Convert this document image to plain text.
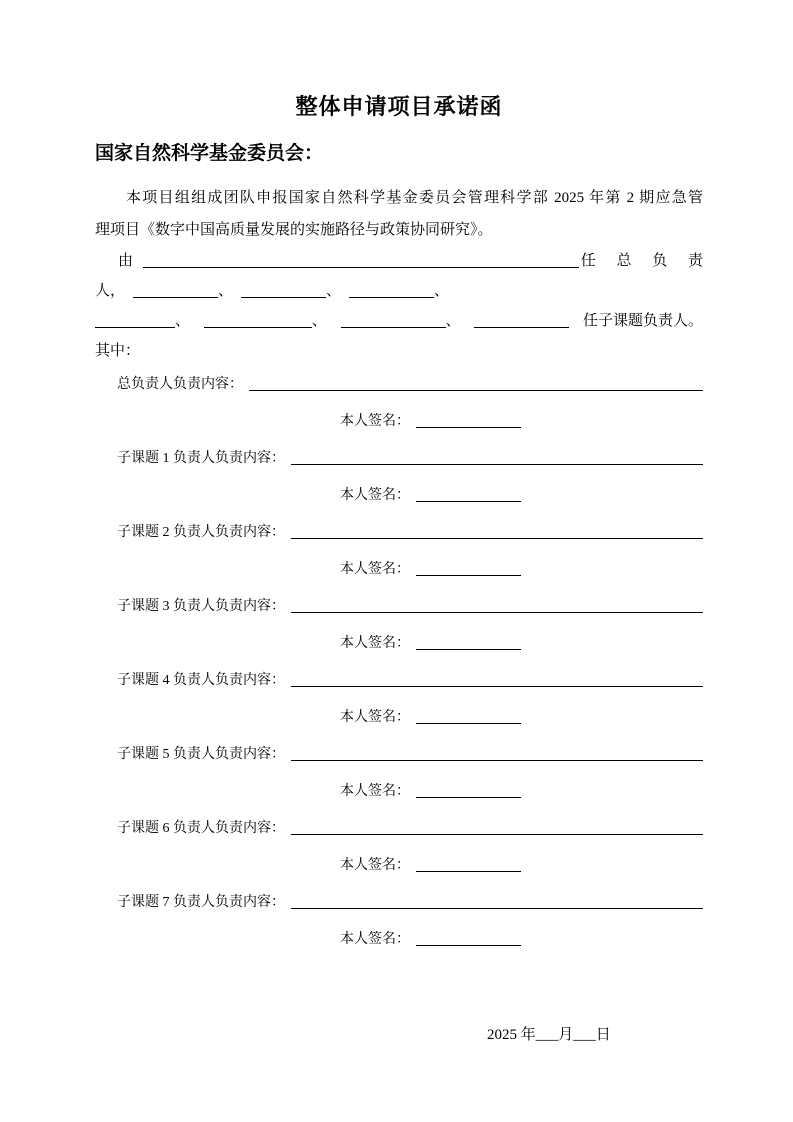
整体申请项目承诺函
国家自然科学基金委员会：
本项目组组成团队申报国家自然科学基金委员会管理科学部 2025 年第 2 期应急管
理项目《数字中国高质量发展的实施路径与政策协同研究》。
由	任 总 负 责
人，	、	、	、
、	、	、	任子课题负责人。
其中：
总负责人负责内容：
本人签名：
子课题 1 负责人负责内容：
本人签名：
子课题 2 负责人负责内容：
本人签名：
子课题 3 负责人负责内容：
本人签名：
子课题 4 负责人负责内容：
本人签名：
子课题 5 负责人负责内容：
本人签名：
子课题 6 负责人负责内容：
本人签名：
子课题 7 负责人负责内容：
本人签名：

2025 年___月___日
